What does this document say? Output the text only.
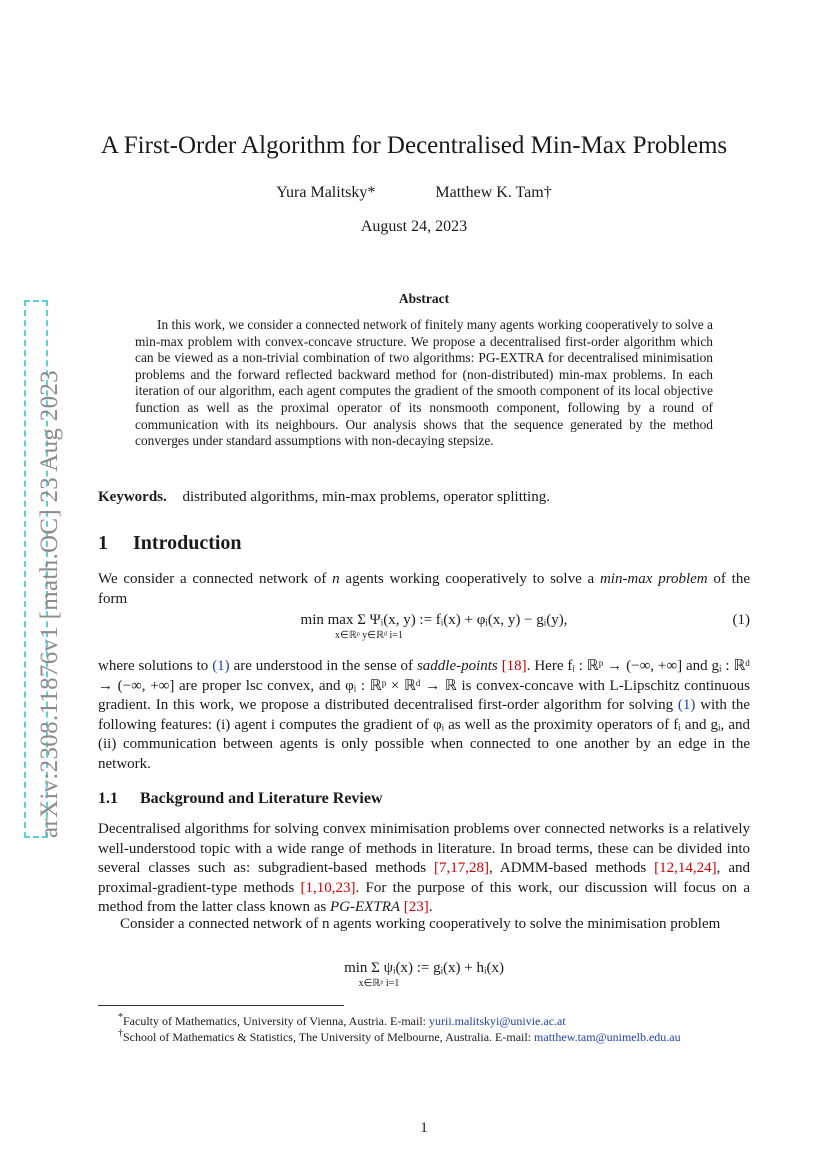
arXiv:2308.11876v1 [math.OC] 23 Aug 2023
A First-Order Algorithm for Decentralised Min-Max Problems
Yura Malitsky*	Matthew K. Tam†
August 24, 2023
Abstract
In this work, we consider a connected network of finitely many agents working cooperatively to solve a min-max problem with convex-concave structure. We propose a decentralised first-order algorithm which can be viewed as a non-trivial combination of two algorithms: PG-EXTRA for decentralised minimisation problems and the forward reflected backward method for (non-distributed) min-max problems. In each iteration of our algorithm, each agent computes the gradient of the smooth component of its local objective function as well as the proximal operator of its nonsmooth component, following by a round of communication with its neighbours. Our analysis shows that the sequence generated by the method converges under standard assumptions with non-decaying stepsize.
Keywords. distributed algorithms, min-max problems, operator splitting.
1 Introduction
We consider a connected network of n agents working cooperatively to solve a min-max problem of the form
min max Σ Ψᵢ(x, y) := fᵢ(x) + φᵢ(x, y) − gᵢ(y),
x∈ℝᵖ y∈ℝᵈ i=1
(1)
where solutions to (1) are understood in the sense of saddle-points [18]. Here fᵢ : ℝᵖ → (−∞, +∞] and gᵢ : ℝᵈ → (−∞, +∞] are proper lsc convex, and φᵢ : ℝᵖ × ℝᵈ → ℝ is convex-concave with L-Lipschitz continuous gradient. In this work, we propose a distributed decentralised first-order algorithm for solving (1) with the following features: (i) agent i computes the gradient of φᵢ as well as the proximity operators of fᵢ and gᵢ, and (ii) communication between agents is only possible when connected to one another by an edge in the network.
1.1 Background and Literature Review
Decentralised algorithms for solving convex minimisation problems over connected networks is a relatively well-understood topic with a wide range of methods in literature. In broad terms, these can be divided into several classes such as: subgradient-based methods [7,17,28], ADMM-based methods [12,14,24], and proximal-gradient-type methods [1,10,23]. For the purpose of this work, our discussion will focus on a method from the latter class known as PG-EXTRA [23].
Consider a connected network of n agents working cooperatively to solve the minimisation problem
min Σ ψᵢ(x) := gᵢ(x) + hᵢ(x)
x∈ℝᵖ i=1
*Faculty of Mathematics, University of Vienna, Austria. E-mail: yurii.malitskyi@univie.ac.at
†School of Mathematics & Statistics, The University of Melbourne, Australia. E-mail: matthew.tam@unimelb.edu.au
1
